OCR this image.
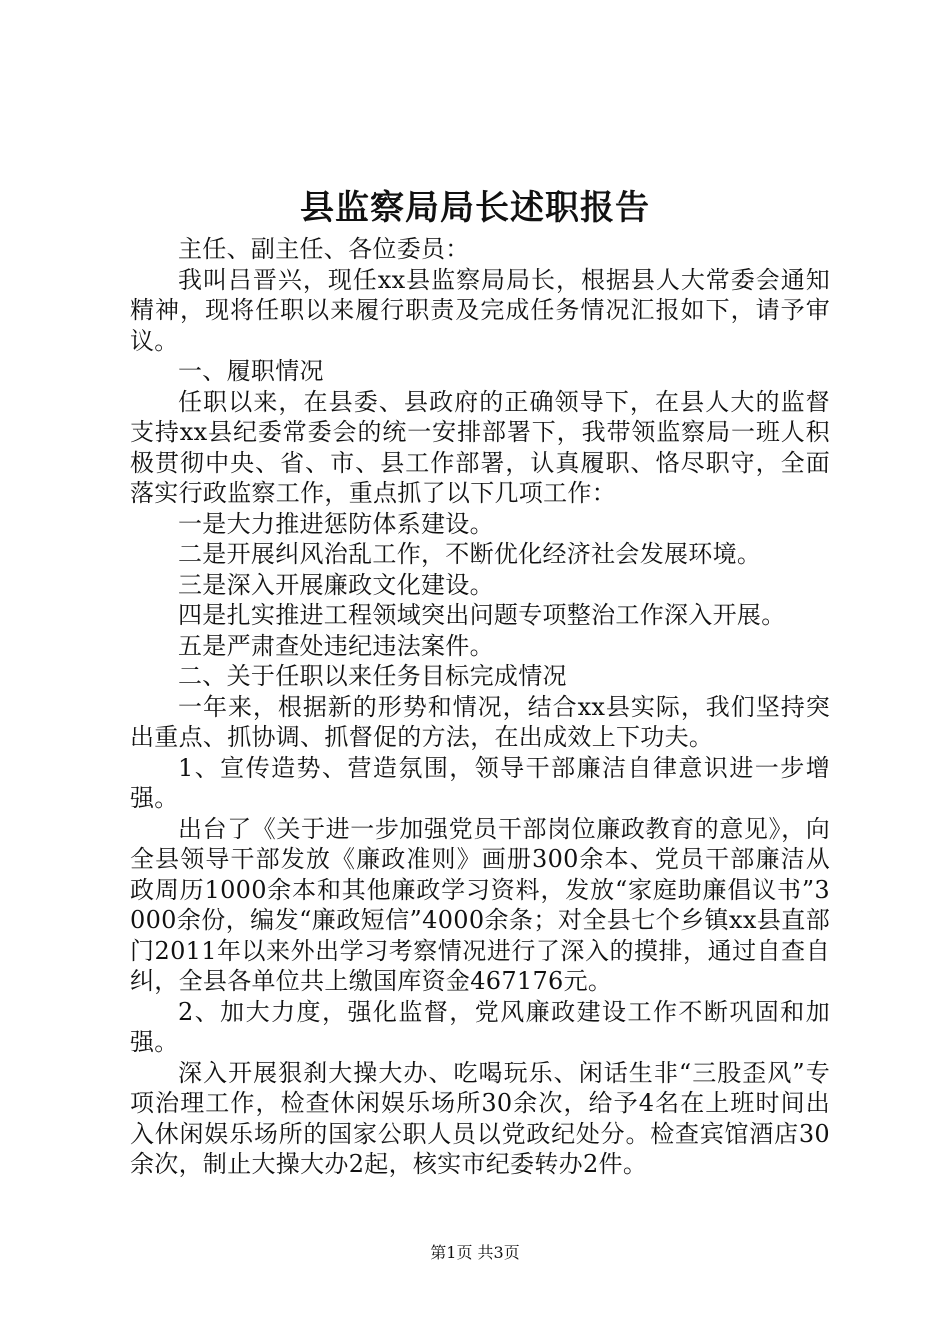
县监察局局长述职报告

主任、副主任、各位委员：

我叫吕晋兴，现任xx县监察局局长，根据县人大常委会通知精神，现将任职以来履行职责及完成任务情况汇报如下，请予审议。

一、履职情况

任职以来，在县委、县政府的正确领导下，在县人大的监督支持xx县纪委常委会的统一安排部署下，我带领监察局一班人积极贯彻中央、省、市、县工作部署，认真履职、恪尽职守，全面落实行政监察工作，重点抓了以下几项工作：

一是大力推进惩防体系建设。

二是开展纠风治乱工作，不断优化经济社会发展环境。

三是深入开展廉政文化建设。

四是扎实推进工程领域突出问题专项整治工作深入开展。

五是严肃查处违纪违法案件。

二、关于任职以来任务目标完成情况

一年来，根据新的形势和情况，结合xx县实际，我们坚持突出重点、抓协调、抓督促的方法，在出成效上下功夫。

1、宣传造势、营造氛围，领导干部廉洁自律意识进一步增强。

出台了《关于进一步加强党员干部岗位廉政教育的意见》，向全县领导干部发放《廉政准则》画册300余本、党员干部廉洁从政周历1000余本和其他廉政学习资料，发放“家庭助廉倡议书”3000余份，编发“廉政短信”4000余条；对全县七个乡镇xx县直部门2011年以来外出学习考察情况进行了深入的摸排，通过自查自纠，全县各单位共上缴国库资金467176元。

2、加大力度，强化监督，党风廉政建设工作不断巩固和加强。

深入开展狠刹大操大办、吃喝玩乐、闲话生非“三股歪风”专项治理工作，检查休闲娱乐场所30余次，给予4名在上班时间出入休闲娱乐场所的国家公职人员以党政纪处分。检查宾馆酒店30余次，制止大操大办2起，核实市纪委转办2件。

第1页 共3页
